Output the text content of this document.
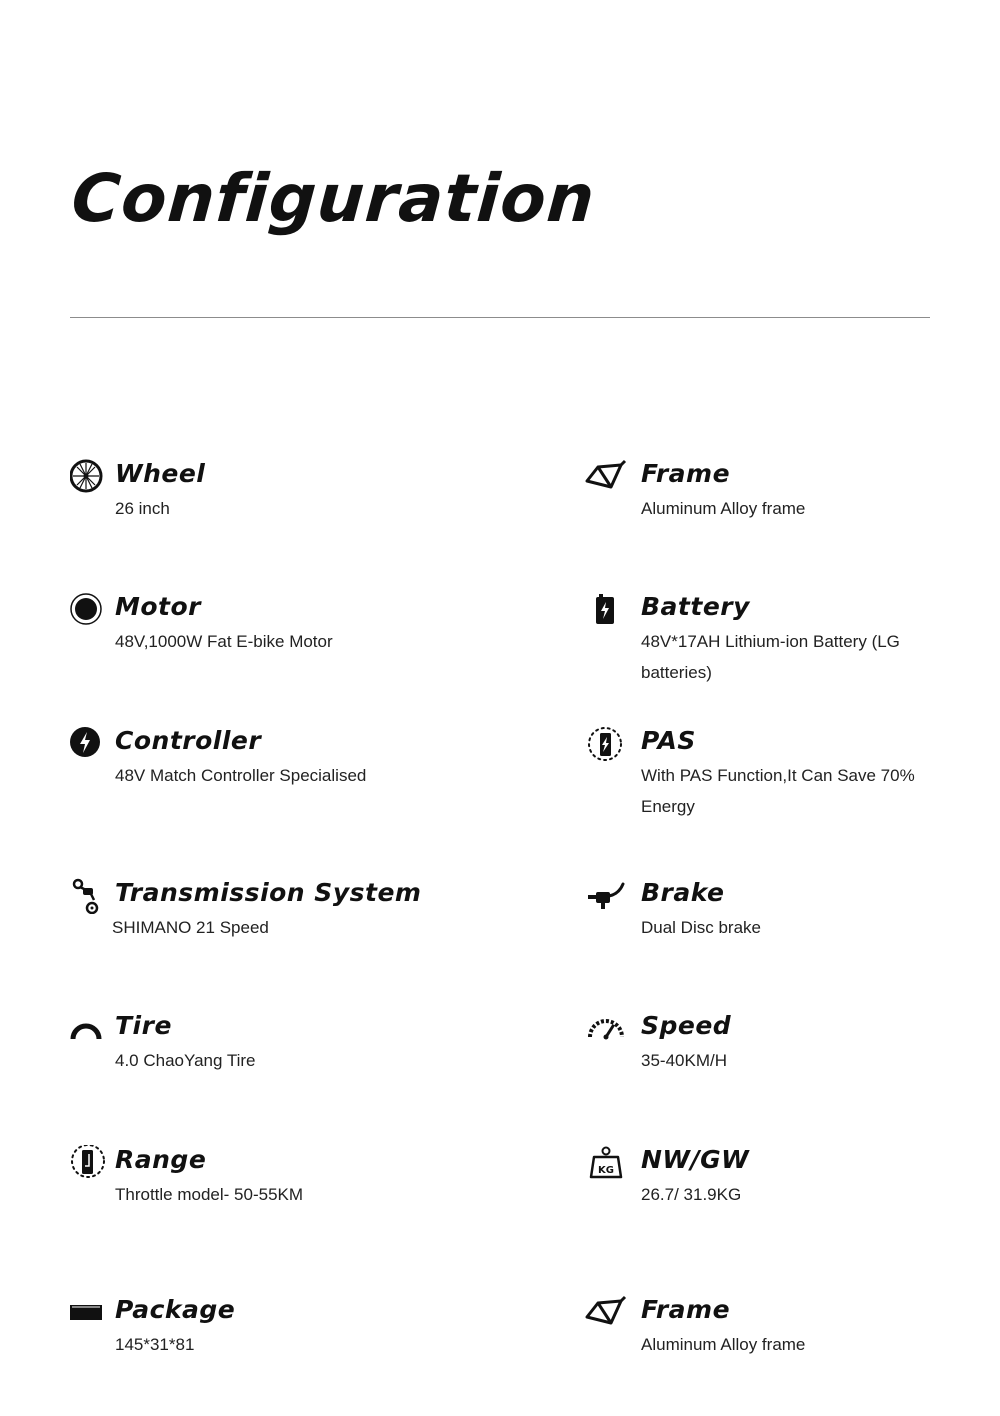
Configuration
Wheel
26 inch
Frame
Aluminum Alloy frame
Motor
48V,1000W Fat E-bike Motor
Battery
48V*17AH Lithium-ion Battery (LG batteries)
Controller
48V Match Controller Specialised
PAS
With PAS Function,It Can Save 70% Energy
Transmission System
SHIMANO 21 Speed
Brake
Dual Disc brake
Tire
4.0 ChaoYang Tire
Speed
35-40KM/H
Range
Throttle model- 50-55KM
KG NW/GW
26.7/ 31.9KG
Package
145*31*81
Frame
Aluminum Alloy frame
